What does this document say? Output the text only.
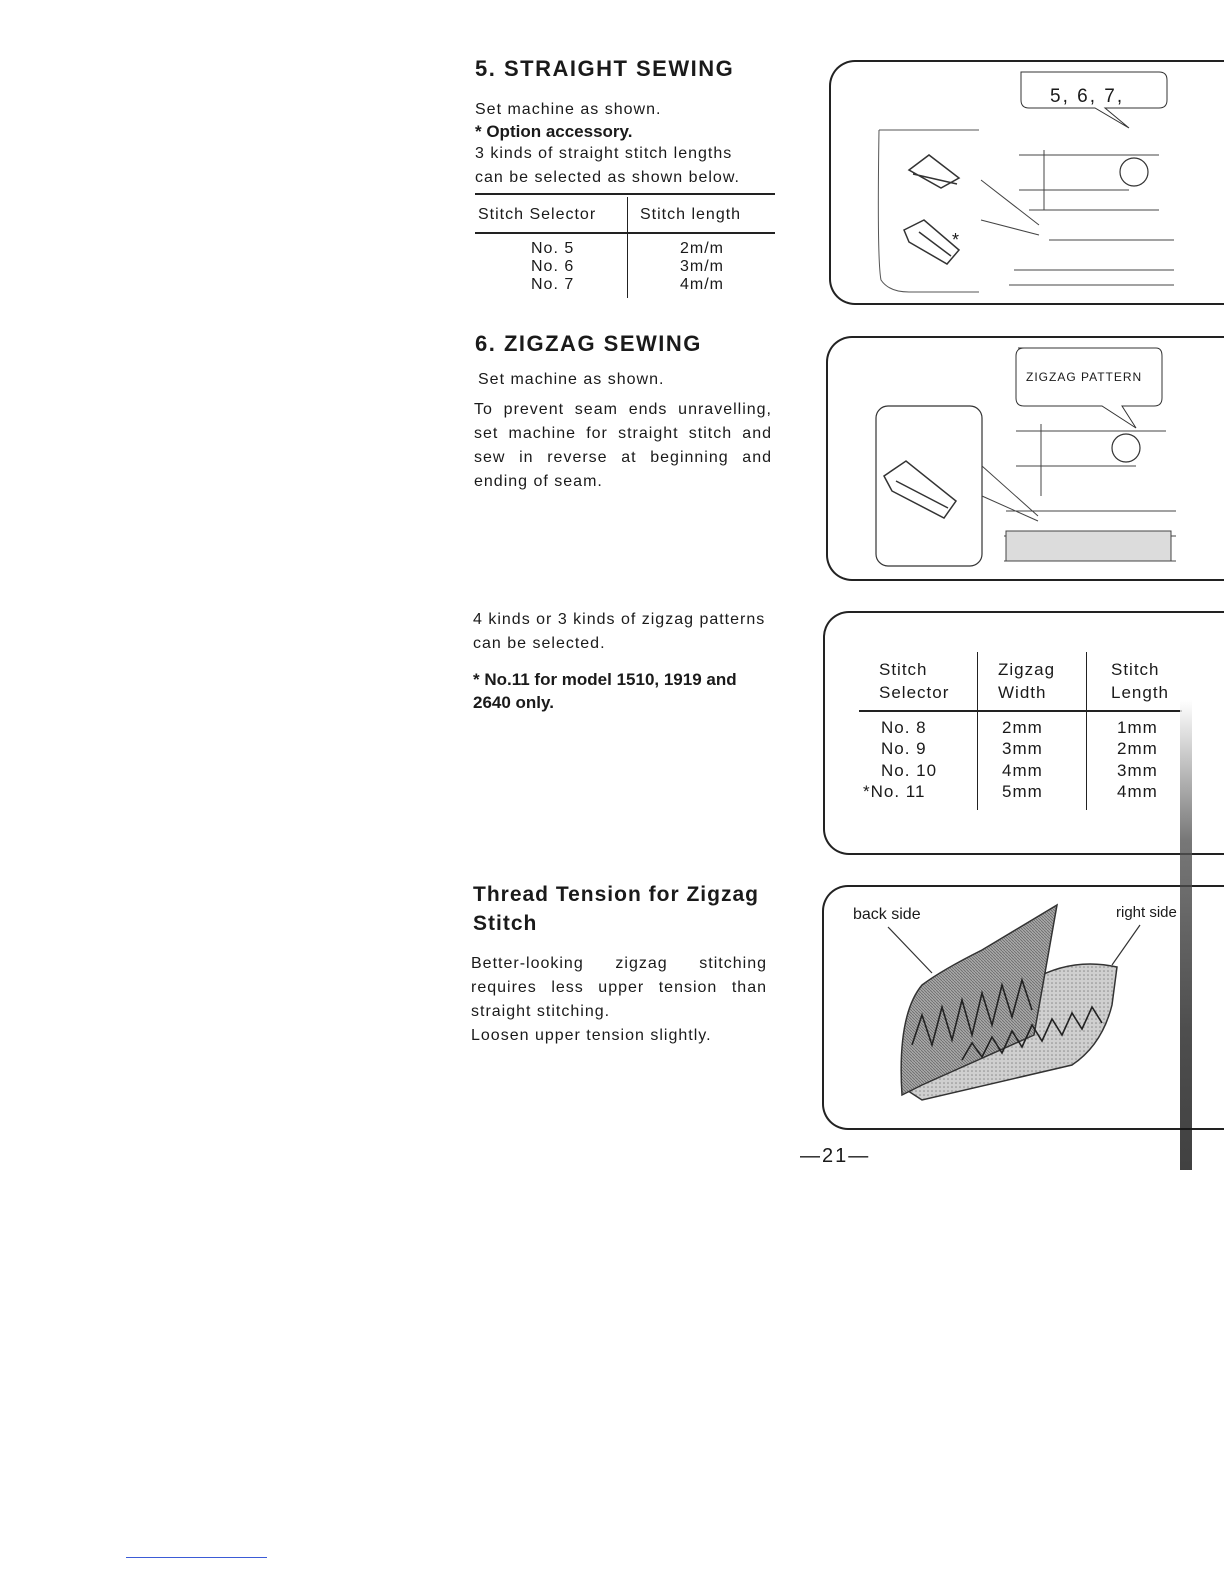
5. STRAIGHT SEWING

Set machine as shown.

* Option accessory.

3 kinds of straight stitch lengths

can be selected as shown below.

Stitch Selector	Stitch length
No. 5	2m/m
No. 6	3m/m
No. 7	4m/m
5, 6, 7,
*
6. ZIGZAG SEWING

Set machine as shown.

To prevent seam ends unravelling, set machine for straight stitch and sew in reverse at beginning and ending of seam.

ZIGZAG PATTERN

4 kinds or 3 kinds of zigzag patterns can be selected.

* No.11 for model 1510, 1919 and 2640 only.

Stitch Selector	Zigzag Width	Stitch Length

No. 8	2mm	1mm
No. 9	3mm	2mm
No. 10	4mm	3mm
*No. 11	5mm	4mm
Thread Tension for Zigzag Stitch

Better-looking zigzag stitching requires less upper tension than straight stitching.

Loosen upper tension slightly.

back side	right side
—21—
